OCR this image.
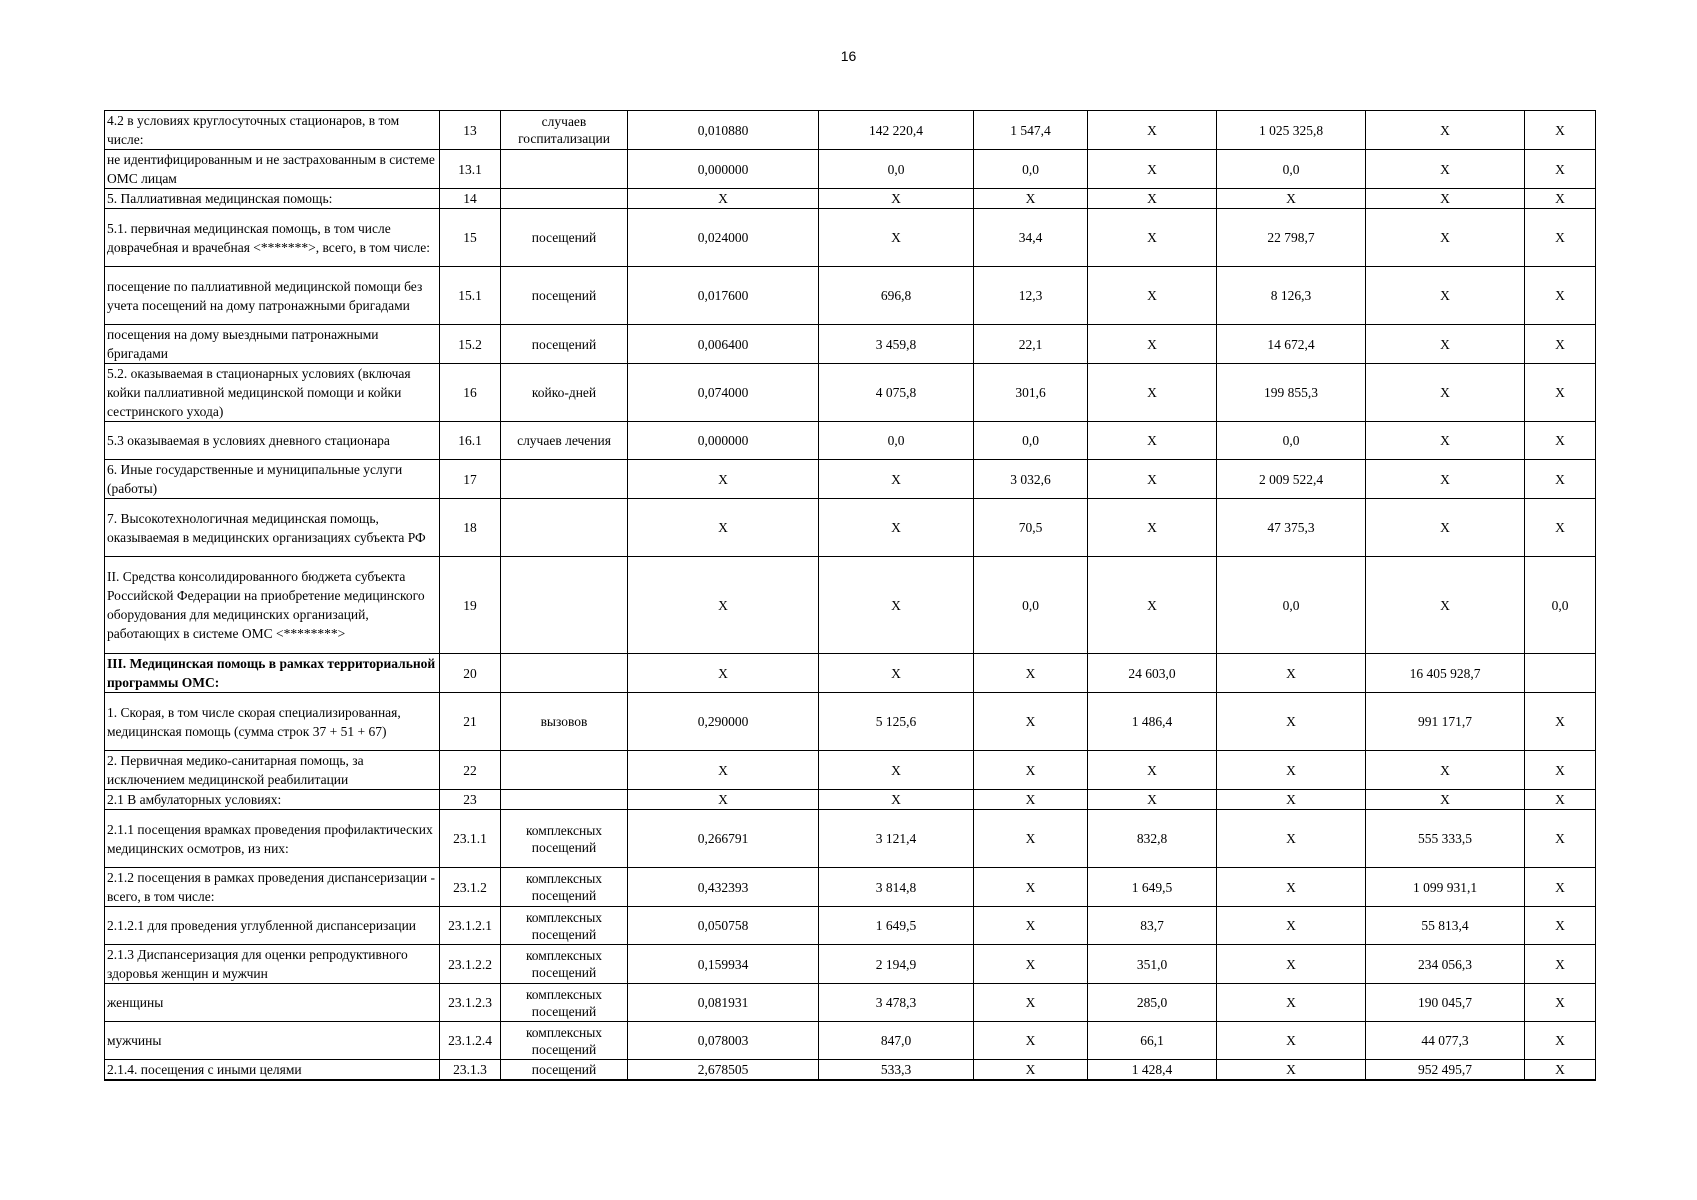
16
4.2 в условиях круглосуточных стационаров, в том числе:	13	случаев госпитализации	0,010880	142 220,4	1 547,4	X	1 025 325,8	X	X
не идентифицированным и не застрахованным в системе ОМС лицам	13.1		0,000000	0,0	0,0	X	0,0	X	X
5. Паллиативная медицинская помощь:	14		X	X	X	X	X	X	X
5.1. первичная медицинская помощь, в том числе доврачебная и врачебная <*******>, всего, в том числе:	15	посещений	0,024000	X	34,4	X	22 798,7	X	X
посещение по паллиативной медицинской помощи без учета посещений на дому патронажными бригадами	15.1	посещений	0,017600	696,8	12,3	X	8 126,3	X	X
посещения на дому выездными патронажными бригадами	15.2	посещений	0,006400	3 459,8	22,1	X	14 672,4	X	X
5.2. оказываемая в стационарных условиях (включая койки паллиативной медицинской помощи и койки сестринского ухода)	16	койко-дней	0,074000	4 075,8	301,6	X	199 855,3	X	X
5.3 оказываемая в условиях дневного стационара	16.1	случаев лечения	0,000000	0,0	0,0	X	0,0	X	X
6. Иные государственные и муниципальные услуги (работы)	17		X	X	3 032,6	X	2 009 522,4	X	X
7. Высокотехнологичная медицинская помощь, оказываемая в медицинских организациях субъекта РФ	18		X	X	70,5	X	47 375,3	X	X
II. Средства консолидированного бюджета субъекта Российской Федерации на приобретение медицинского оборудования для медицинских организаций, работающих в системе ОМС <********>	19		X	X	0,0	X	0,0	X	0,0
III. Медицинская помощь в рамках территориальной программы ОМС:	20		X	X	X	24 603,0	X	16 405 928,7	
1. Скорая, в том числе скорая специализированная, медицинская помощь (сумма строк 37 + 51 + 67)	21	вызовов	0,290000	5 125,6	X	1 486,4	X	991 171,7	X
2. Первичная медико-санитарная помощь, за исключением медицинской реабилитации	22		X	X	X	X	X	X	X
2.1 В амбулаторных условиях:	23		X	X	X	X	X	X	X
2.1.1 посещения врамках проведения профилактических медицинских осмотров, из них:	23.1.1	комплексных посещений	0,266791	3 121,4	X	832,8	X	555 333,5	X
2.1.2 посещения в рамках проведения диспансеризации - всего, в том числе:	23.1.2	комплексных посещений	0,432393	3 814,8	X	1 649,5	X	1 099 931,1	X
2.1.2.1 для проведения углубленной диспансеризации	23.1.2.1	комплексных посещений	0,050758	1 649,5	X	83,7	X	55 813,4	X
2.1.3 Диспансеризация для оценки репродуктивного здоровья женщин и мужчин	23.1.2.2	комплексных посещений	0,159934	2 194,9	X	351,0	X	234 056,3	X
женщины	23.1.2.3	комплексных посещений	0,081931	3 478,3	X	285,0	X	190 045,7	X
мужчины	23.1.2.4	комплексных посещений	0,078003	847,0	X	66,1	X	44 077,3	X
2.1.4. посещения с иными целями	23.1.3	посещений	2,678505	533,3	X	1 428,4	X	952 495,7	X
